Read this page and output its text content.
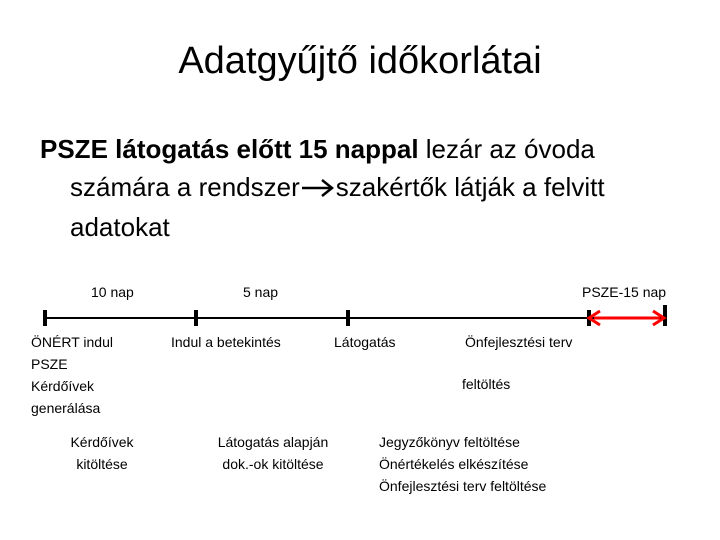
Adatgyűjtő időkorlátai
PSZE látogatás előtt 15 nappal lezár az óvoda
számára a rendszer szakértők látják a felvitt
adatokat
10 nap	5 nap	PSZE-15 nap
ÖNÉRT indul
PSZE
Kérdőívek
generálása
Indul a betekintés	Látogatás	Önfejlesztési terv
feltöltés
Kérdőívek
kitöltése
Látogatás alapján
dok.-ok kitöltése
Jegyzőkönyv feltöltése
Önértékelés elkészítése
Önfejlesztési terv feltöltése
